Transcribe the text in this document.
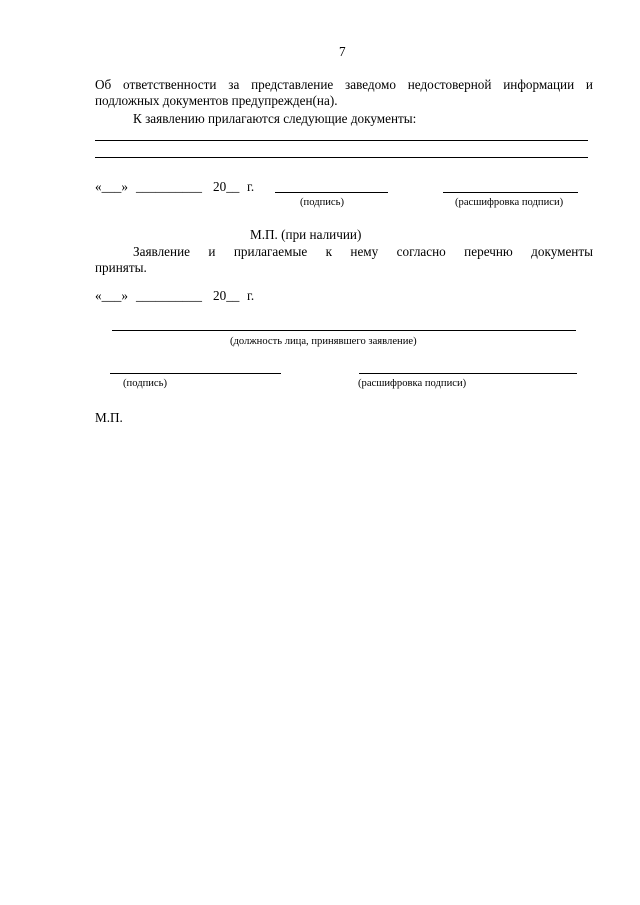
7
Об ответственности за представление заведомо недостоверной информации и
подложных документов предупрежден(на).
К заявлению прилагаются следующие документы:
«___» __________ 20__ г.
(подпись)	(расшифровка подписи)
М.П. (при наличии)
Заявление и прилагаемые к нему согласно перечню документы
приняты.
«___» __________ 20__ г.
(должность лица, принявшего заявление)
(подпись)	(расшифровка подписи)
М.П.
